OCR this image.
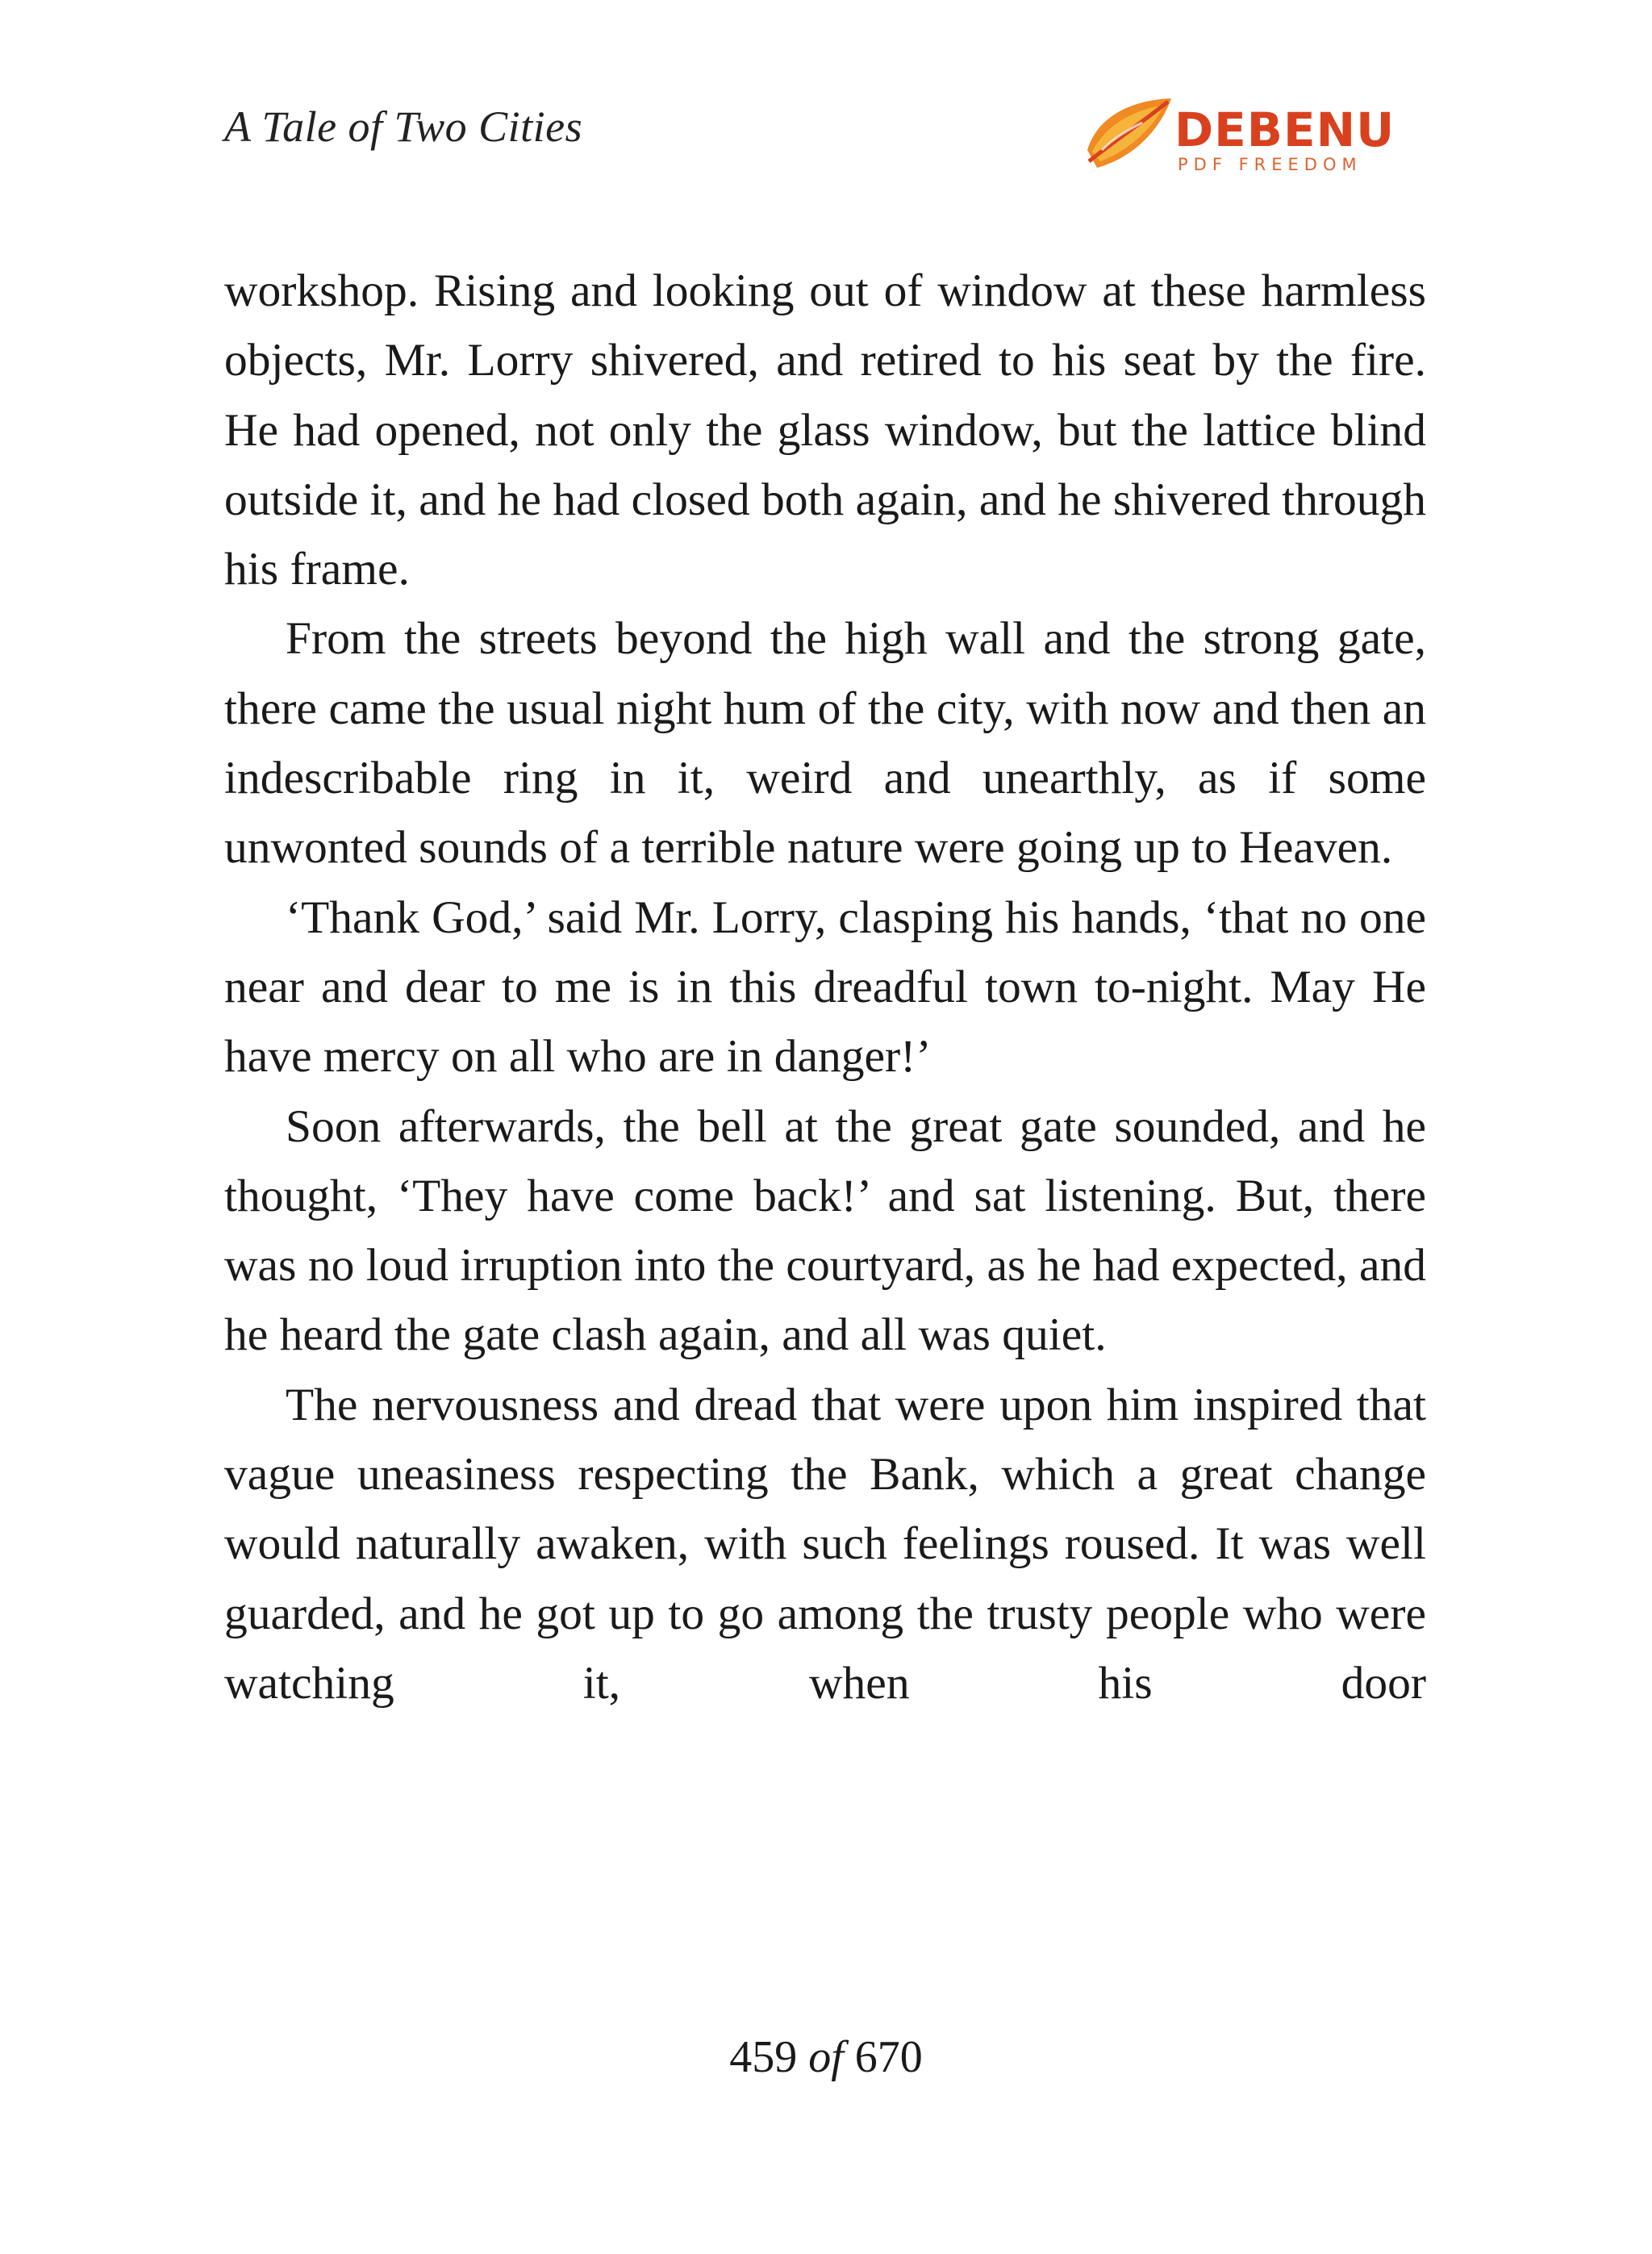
A Tale of Two Cities	DEBENU
PDF FREEDOM

workshop. Rising and looking out of window at these harmless objects, Mr. Lorry shivered, and retired to his seat by the fire. He had opened, not only the glass window, but the lattice blind outside it, and he had closed both again, and he shivered through his frame.

From the streets beyond the high wall and the strong gate, there came the usual night hum of the city, with now and then an indescribable ring in it, weird and unearthly, as if some unwonted sounds of a terrible nature were going up to Heaven.

‘Thank God,’ said Mr. Lorry, clasping his hands, ‘that no one near and dear to me is in this dreadful town to-night. May He have mercy on all who are in danger!’

Soon afterwards, the bell at the great gate sounded, and he thought, ‘They have come back!’ and sat listening. But, there was no loud irruption into the courtyard, as he had expected, and he heard the gate clash again, and all was quiet.

The nervousness and dread that were upon him inspired that vague uneasiness respecting the Bank, which a great change would naturally awaken, with such feelings roused. It was well guarded, and he got up to go among the trusty people who were watching it, when his door

459 of 670
